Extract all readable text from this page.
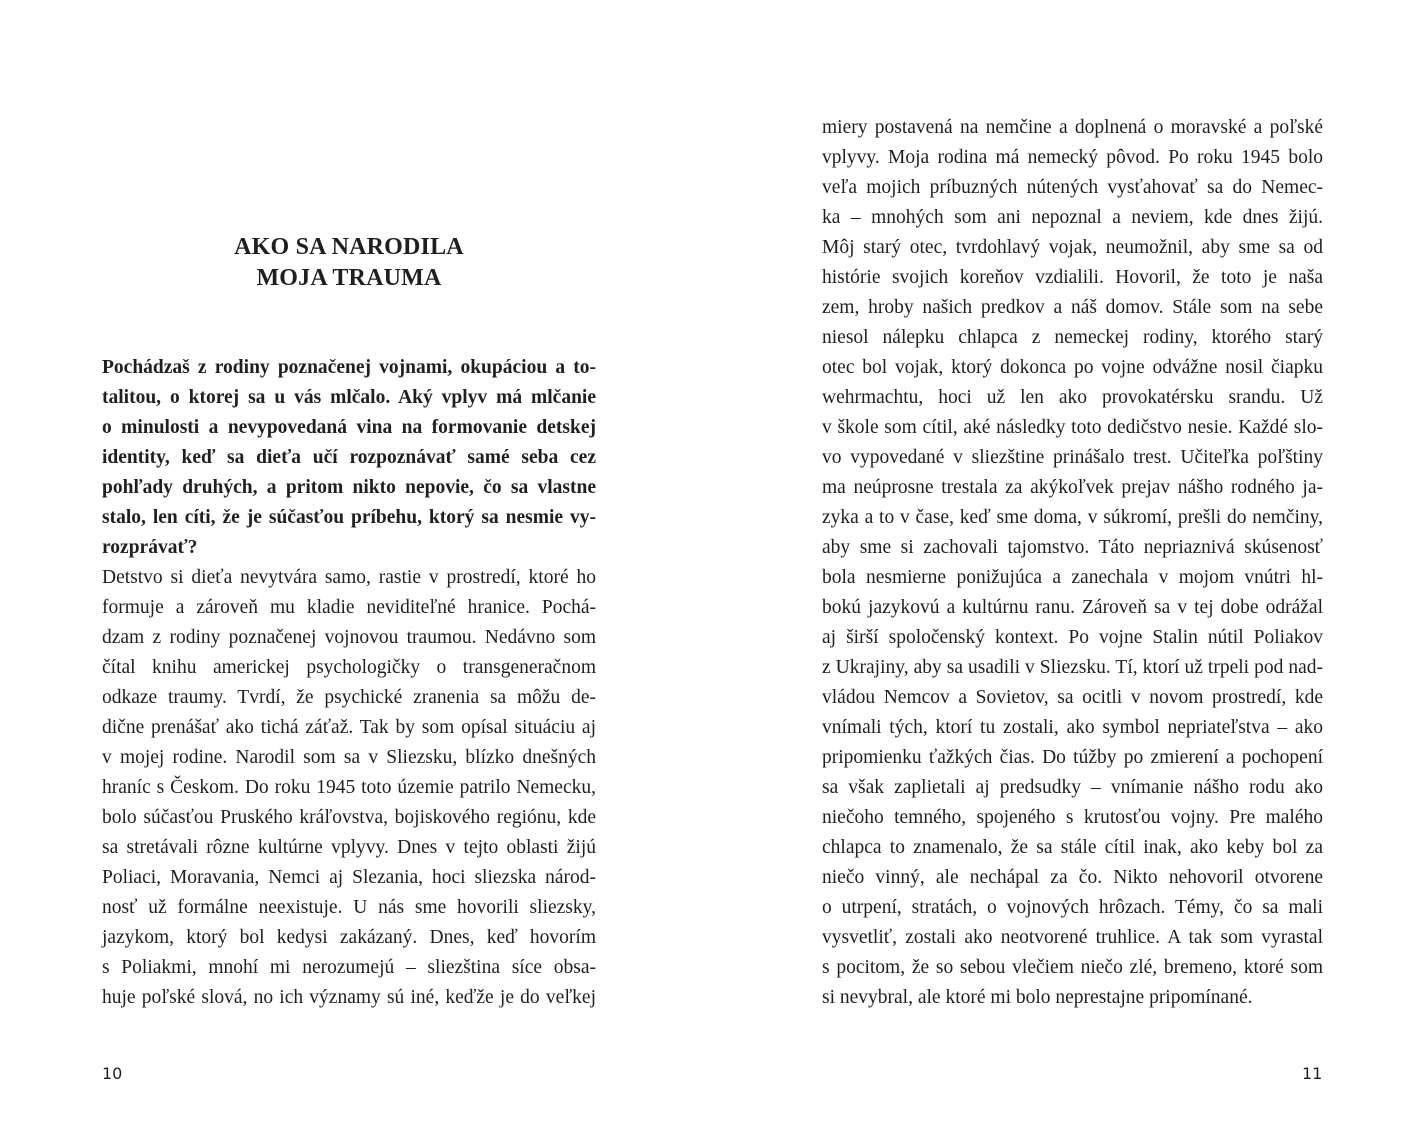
AKO SA NARODILA
MOJA TRAUMA
Pochádzaš z rodiny poznačenej vojnami, okupáciou a to-
talitou, o ktorej sa u vás mlčalo. Aký vplyv má mlčanie
o minulosti a nevypovedaná vina na formovanie detskej
identity, keď sa dieťa učí rozpoznávať samé seba cez
pohľady druhých, a pritom nikto nepovie, čo sa vlastne
stalo, len cíti, že je súčasťou príbehu, ktorý sa nesmie vy-
rozprávať?
Detstvo si dieťa nevytvára samo, rastie v prostredí, ktoré ho
formuje a zároveň mu kladie neviditeľné hranice. Pochá-
dzam z rodiny poznačenej vojnovou traumou. Nedávno som
čítal knihu americkej psychologičky o transgeneračnom
odkaze traumy. Tvrdí, že psychické zranenia sa môžu de-
dične prenášať ako tichá záťaž. Tak by som opísal situáciu aj
v mojej rodine. Narodil som sa v Sliezsku, blízko dnešných
hraníc s Českom. Do roku 1945 toto územie patrilo Nemecku,
bolo súčasťou Pruského kráľovstva, bojiskového regiónu, kde
sa stretávali rôzne kultúrne vplyvy. Dnes v tejto oblasti žijú
Poliaci, Moravania, Nemci aj Slezania, hoci sliezska národ-
nosť už formálne neexistuje. U nás sme hovorili sliezsky,
jazykom, ktorý bol kedysi zakázaný. Dnes, keď hovorím
s Poliakmi, mnohí mi nerozumejú – sliezština síce obsa-
huje poľské slová, no ich významy sú iné, keďže je do veľkej
10
miery postavená na nemčine a doplnená o moravské a poľské
vplyvy. Moja rodina má nemecký pôvod. Po roku 1945 bolo
veľa mojich príbuzných nútených vysťahovať sa do Nemec-
ka – mnohých som ani nepoznal a neviem, kde dnes žijú.
Môj starý otec, tvrdohlavý vojak, neumožnil, aby sme sa od
histórie svojich koreňov vzdialili. Hovoril, že toto je naša
zem, hroby našich predkov a náš domov. Stále som na sebe
niesol nálepku chlapca z nemeckej rodiny, ktorého starý
otec bol vojak, ktorý dokonca po vojne odvážne nosil čiapku
wehrmachtu, hoci už len ako provokatérsku srandu. Už
v škole som cítil, aké následky toto dedičstvo nesie. Každé slo-
vo vypovedané v sliezštine prinášalo trest. Učiteľka poľštiny
ma neúprosne trestala za akýkoľvek prejav nášho rodného ja-
zyka a to v čase, keď sme doma, v súkromí, prešli do nemčiny,
aby sme si zachovali tajomstvo. Táto nepriaznivá skúsenosť
bola nesmierne ponižujúca a zanechala v mojom vnútri hl-
bokú jazykovú a kultúrnu ranu. Zároveň sa v tej dobe odrážal
aj širší spoločenský kontext. Po vojne Stalin nútil Poliakov
z Ukrajiny, aby sa usadili v Sliezsku. Tí, ktorí už trpeli pod nad-
vládou Nemcov a Sovietov, sa ocitli v novom prostredí, kde
vnímali tých, ktorí tu zostali, ako symbol nepriateľstva – ako
pripomienku ťažkých čias. Do túžby po zmierení a pochopení
sa však zaplietali aj predsudky – vnímanie nášho rodu ako
niečoho temného, spojeného s krutosťou vojny. Pre malého
chlapca to znamenalo, že sa stále cítil inak, ako keby bol za
niečo vinný, ale nechápal za čo. Nikto nehovoril otvorene
o utrpení, stratách, o vojnových hrôzach. Témy, čo sa mali
vysvetliť, zostali ako neotvorené truhlice. A tak som vyrastal
s pocitom, že so sebou vlečiem niečo zlé, bremeno, ktoré som
si nevybral, ale ktoré mi bolo neprestajne pripomínané.
11
